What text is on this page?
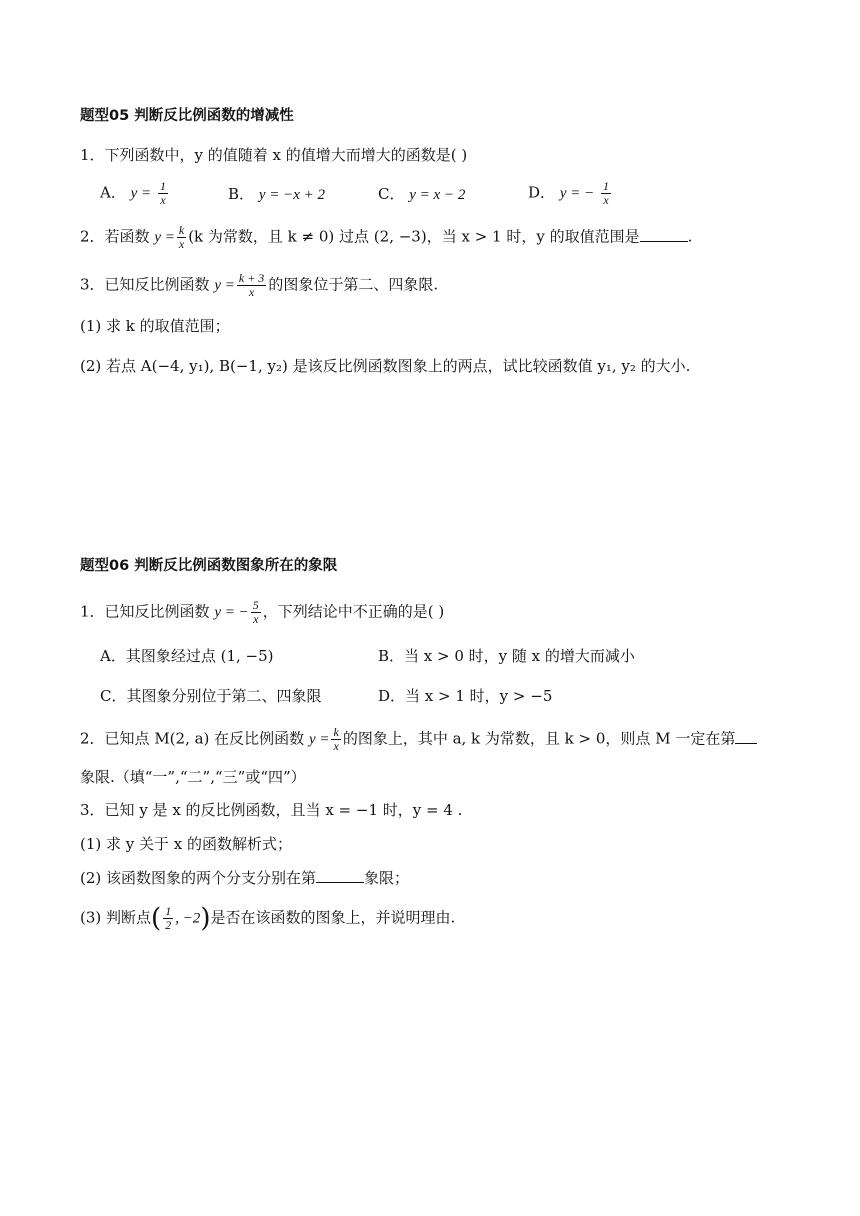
题型05 判断反比例函数的增减性
1．下列函数中，y 的值随着 x 的值增大而增大的函数是( )
A． $y = \frac{1}{x}$	B． y = −x + 2	C． y = x − 2	D． y = − $\frac{1}{x}$
2．若函数 $y = \frac{k}{x} (k$ 为常数，且 k ≠ 0) 过点 (2, −3)，当 x > 1 时，y 的取值范围是	.
3．已知反比例函数 $y = \frac{k + 3}{x}$ 的图象位于第二、四象限.
(1) 求 k 的取值范围；
(2) 若点 A(−4, y₁), B(−1, y₂) 是该反比例函数图象上的两点，试比较函数值 y₁, y₂ 的大小.
题型06 判断反比例函数图象所在的象限
1．已知反比例函数 y = − $\frac{5}{x}$ ，下列结论中不正确的是( )
A．其图象经过点 (1, −5)	B．当 x > 0 时，y 随 x 的增大而减小
C．其图象分别位于第二、四象限	D．当 x > 1 时，y > −5
2．已知点 M(2, a) 在反比例函数 $y = \frac{k}{x}$ 的图象上，其中 a, k 为常数，且 k > 0，则点 M 一定在第
象限.（填“一”,“二”,“三”或“四”）
3．已知 y 是 x 的反比例函数，且当 x = −1 时，y = 4 .
(1) 求 y 关于 x 的函数解析式；
(2) 该函数图象的两个分支分别在第	象限；
(3) 判断点( $\frac{1}{2}$ , −2)是否在该函数的图象上，并说明理由.
